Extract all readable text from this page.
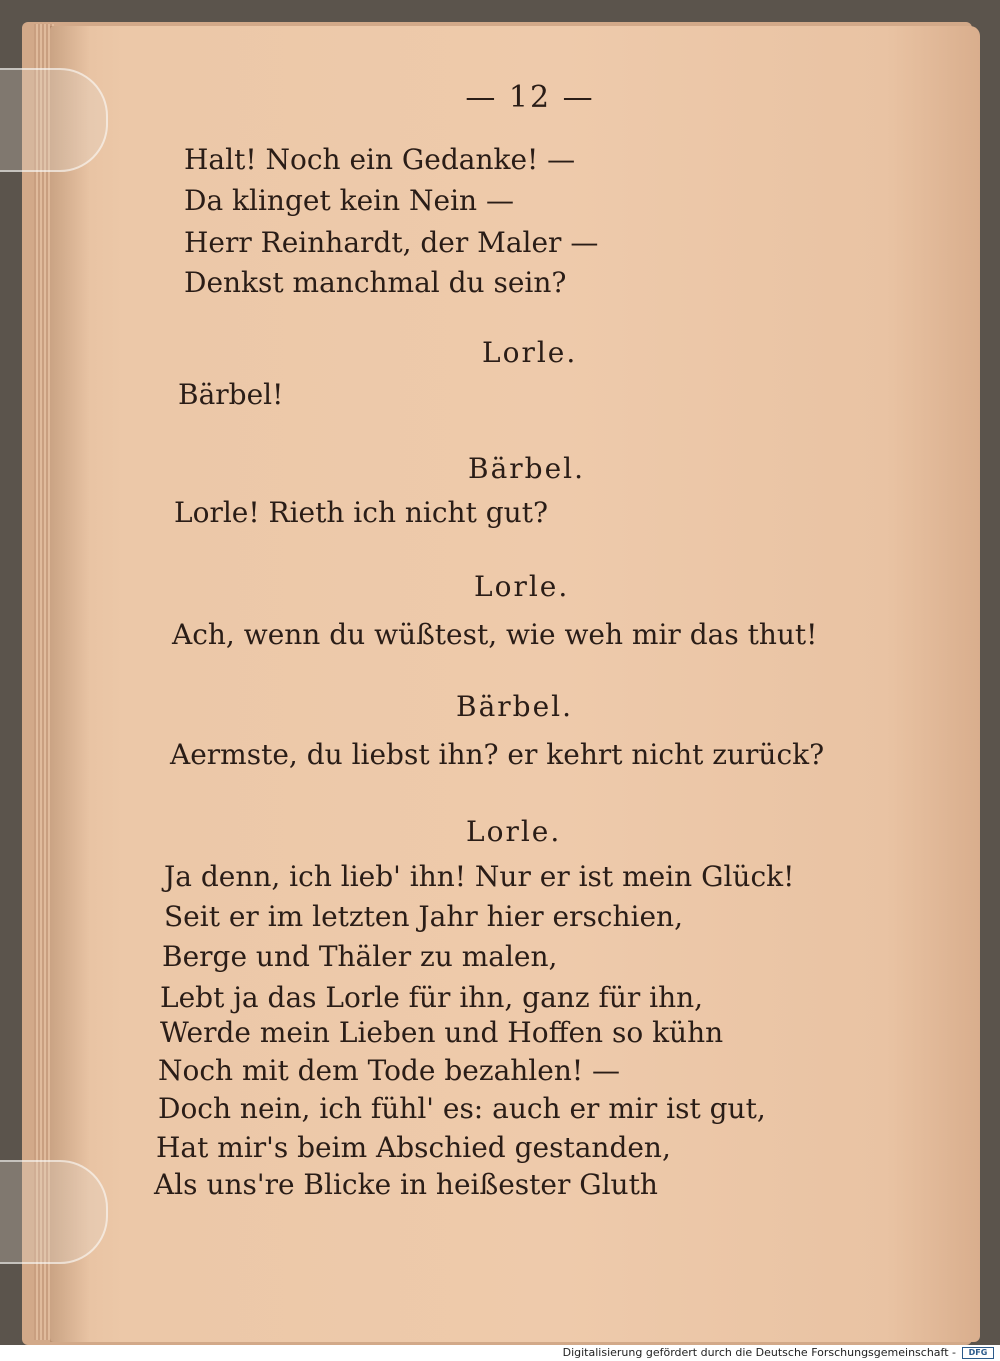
— 12 —
Halt! Noch ein Gedanke! —
Da klinget kein Nein —
Herr Reinhardt, der Maler —
Denkst manchmal du sein?
Lorle.
Bärbel!
Bärbel.
Lorle! Rieth ich nicht gut?
Lorle.
Ach, wenn du wüßtest, wie weh mir das thut!
Bärbel.
Aermste, du liebst ihn? er kehrt nicht zurück?
Lorle.
Ja denn, ich lieb' ihn! Nur er ist mein Glück!
Seit er im letzten Jahr hier erschien,
Berge und Thäler zu malen,
Lebt ja das Lorle für ihn, ganz für ihn,
Werde mein Lieben und Hoffen so kühn
Noch mit dem Tode bezahlen! —
Doch nein, ich fühl' es: auch er mir ist gut,
Hat mir's beim Abschied gestanden,
Als uns're Blicke in heißester Gluth
Digitalisierung gefördert durch die Deutsche Forschungsgemeinschaft -	DFG
